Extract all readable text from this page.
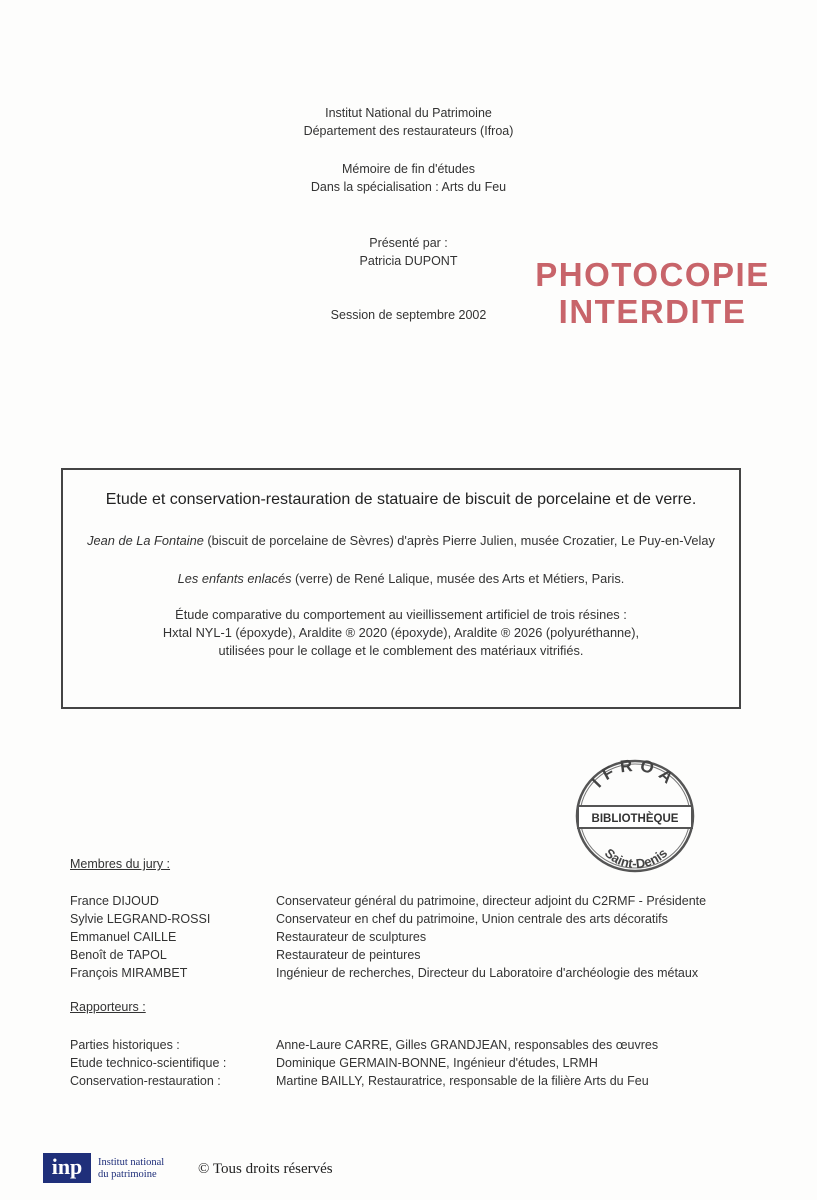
Institut National du Patrimoine
Département des restaurateurs (Ifroa)
Mémoire de fin d'études
Dans la spécialisation : Arts du Feu
Présenté par :
Patricia DUPONT
Session de septembre 2002
PHOTOCOPIE
INTERDITE
Etude et conservation-restauration de statuaire de biscuit de porcelaine et de verre.
Jean de La Fontaine (biscuit de porcelaine de Sèvres) d'après Pierre Julien, musée Crozatier, Le Puy-en-Velay
Les enfants enlacés (verre) de René Lalique, musée des Arts et Métiers, Paris.
Étude comparative du comportement au vieillissement artificiel de trois résines :
Hxtal NYL-1 (époxyde), Araldite ® 2020 (époxyde), Araldite ® 2026 (polyuréthanne),
utilisées pour le collage et le comblement des matériaux vitrifiés.
IFROA
BIBLIOTHÈQUE
Saint-Denis
Membres du jury :
France DIJOUD	Conservateur général du patrimoine, directeur adjoint du C2RMF - Présidente
Sylvie LEGRAND-ROSSI	Conservateur en chef du patrimoine, Union centrale des arts décoratifs
Emmanuel CAILLE	Restaurateur de sculptures
Benoît de TAPOL	Restaurateur de peintures
François MIRAMBET	Ingénieur de recherches, Directeur du Laboratoire d'archéologie des métaux
Rapporteurs :
Parties historiques :	Anne-Laure CARRE, Gilles GRANDJEAN, responsables des œuvres
Etude technico-scientifique :	Dominique GERMAIN-BONNE, Ingénieur d'études, LRMH
Conservation-restauration :	Martine BAILLY, Restauratrice, responsable de la filière Arts du Feu
inp	Institut national
du patrimoine	© Tous droits réservés
